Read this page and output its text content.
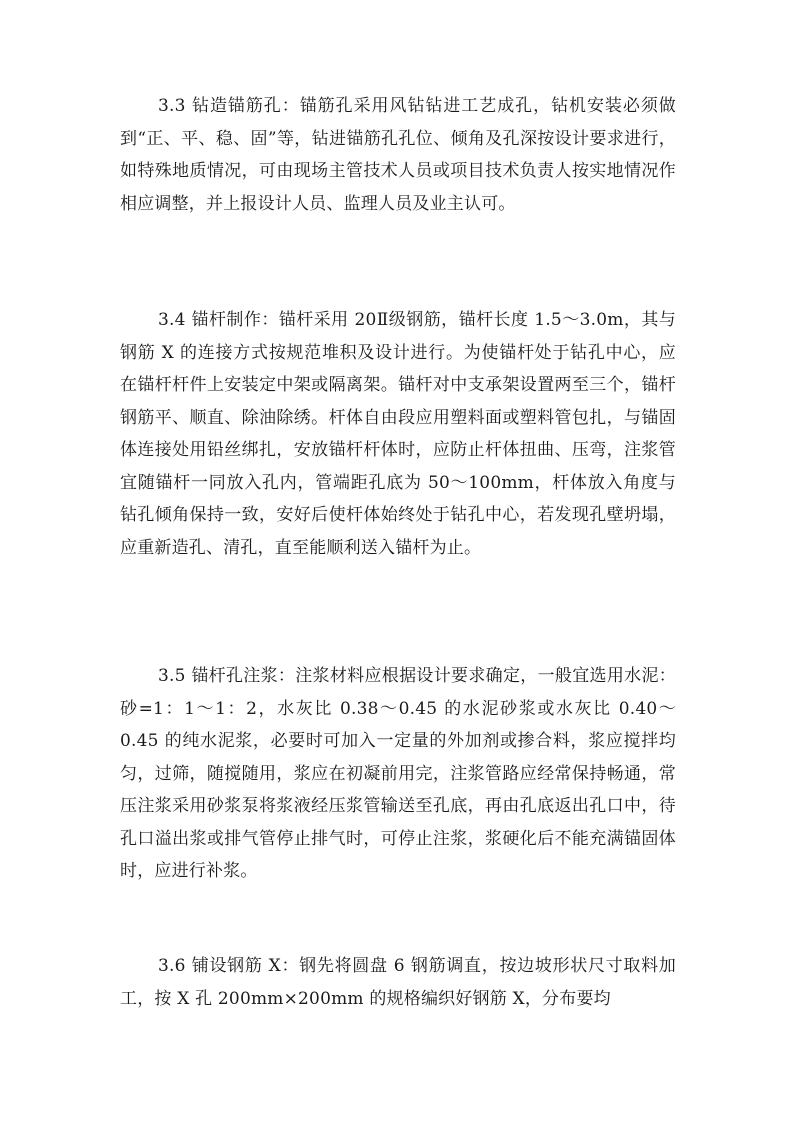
3.3 钻造锚筋孔：锚筋孔采用风钻钻进工艺成孔，钻机安装必须做到“正、平、稳、固”等，钻进锚筋孔孔位、倾角及孔深按设计要求进行，如特殊地质情况，可由现场主管技术人员或项目技术负责人按实地情况作相应调整，并上报设计人员、监理人员及业主认可。

3.4 锚杆制作：锚杆采用 20Ⅱ级钢筋，锚杆长度 1.5～3.0m，其与钢筋 X 的连接方式按规范堆积及设计进行。为使锚杆处于钻孔中心，应在锚杆杆件上安装定中架或隔离架。锚杆对中支承架设置两至三个，锚杆钢筋平、顺直、除油除绣。杆体自由段应用塑料面或塑料管包扎，与锚固体连接处用铅丝绑扎，安放锚杆杆体时，应防止杆体扭曲、压弯，注浆管宜随锚杆一同放入孔内，管端距孔底为 50～100mm，杆体放入角度与钻孔倾角保持一致，安好后使杆体始终处于钻孔中心，若发现孔壁坍塌，应重新造孔、清孔，直至能顺利送入锚杆为止。

3.5 锚杆孔注浆：注浆材料应根据设计要求确定，一般宜选用水泥：砂=1：1～1：2，水灰比 0.38～0.45 的水泥砂浆或水灰比 0.40～0.45 的纯水泥浆，必要时可加入一定量的外加剂或掺合料，浆应搅拌均匀，过筛，随搅随用，浆应在初凝前用完，注浆管路应经常保持畅通，常压注浆采用砂浆泵将浆液经压浆管输送至孔底，再由孔底返出孔口中，待孔口溢出浆或排气管停止排气时，可停止注浆，浆硬化后不能充满锚固体时，应进行补浆。

3.6 铺设钢筋 X：钢先将圆盘 6 钢筋调直，按边坡形状尺寸取料加工，按 X 孔 200mm×200mm 的规格编织好钢筋 X，分布要均
